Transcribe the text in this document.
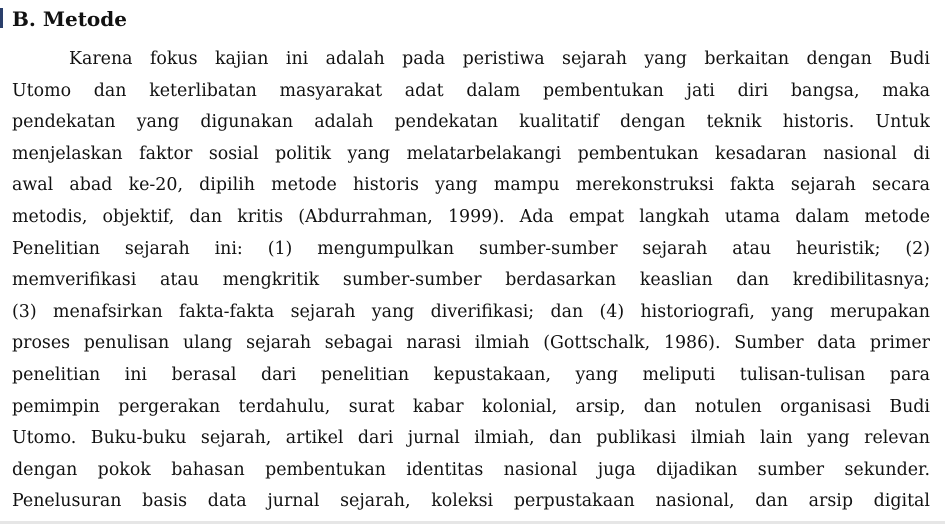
B. Metode
Karena fokus kajian ini adalah pada peristiwa sejarah yang berkaitan dengan Budi
Utomo dan keterlibatan masyarakat adat dalam pembentukan jati diri bangsa, maka
pendekatan yang digunakan adalah pendekatan kualitatif dengan teknik historis. Untuk
menjelaskan faktor sosial politik yang melatarbelakangi pembentukan kesadaran nasional di
awal abad ke-20, dipilih metode historis yang mampu merekonstruksi fakta sejarah secara
metodis, objektif, dan kritis (Abdurrahman, 1999). Ada empat langkah utama dalam metode
Penelitian sejarah ini: (1) mengumpulkan sumber-sumber sejarah atau heuristik; (2)
memverifikasi atau mengkritik sumber-sumber berdasarkan keaslian dan kredibilitasnya;
(3) menafsirkan fakta-fakta sejarah yang diverifikasi; dan (4) historiografi, yang merupakan
proses penulisan ulang sejarah sebagai narasi ilmiah (Gottschalk, 1986). Sumber data primer
penelitian ini berasal dari penelitian kepustakaan, yang meliputi tulisan-tulisan para
pemimpin pergerakan terdahulu, surat kabar kolonial, arsip, dan notulen organisasi Budi
Utomo. Buku-buku sejarah, artikel dari jurnal ilmiah, dan publikasi ilmiah lain yang relevan
dengan pokok bahasan pembentukan identitas nasional juga dijadikan sumber sekunder.
Penelusuran basis data jurnal sejarah, koleksi perpustakaan nasional, dan arsip digital
